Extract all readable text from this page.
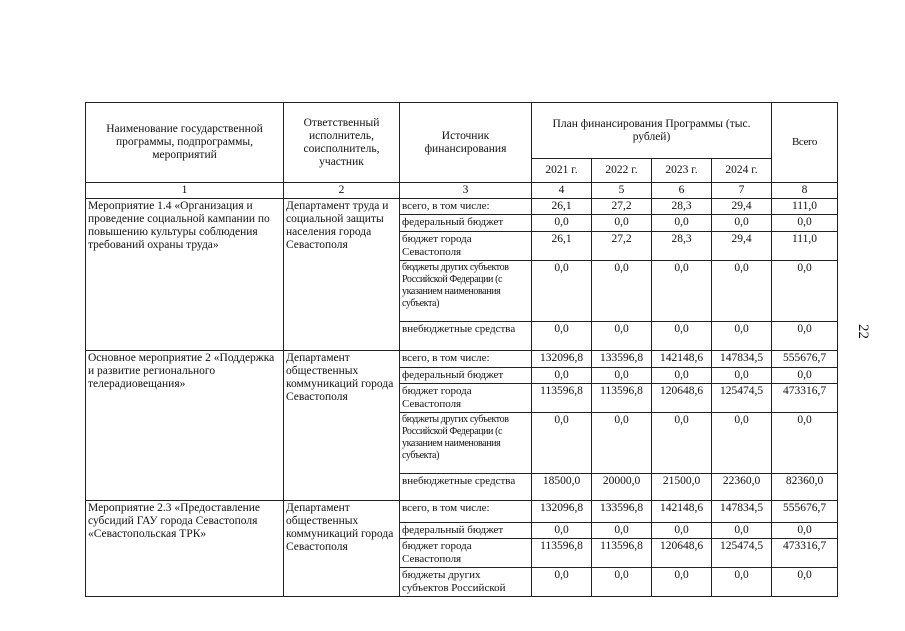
22
Наименование государственной программы, подпрограммы, мероприятий	Ответственный исполнитель, соисполнитель, участник	Источник финансирования	План финансирования Программы (тыс. рублей)				Всего
			2021 г.	2022 г.	2023 г.	2024 г.	
1	2	3	4	5	6	7	8
Мероприятие 1.4 «Организация и проведение социальной кампании по повышению культуры соблюдения требований охраны труда»	Департамент труда и социальной защиты населения города Севастополя	всего, в том числе:	26,1	27,2	28,3	29,4	111,0
		федеральный бюджет	0,0	0,0	0,0	0,0	0,0
		бюджет города Севастополя	26,1	27,2	28,3	29,4	111,0
		бюджеты других субъектов Российской Федерации (с указанием наименования субъекта)	0,0	0,0	0,0	0,0	0,0
		внебюджетные средства	0,0	0,0	0,0	0,0	0,0
Основное мероприятие 2 «Поддержка и развитие регионального телерадиовещания»	Департамент общественных коммуникаций города Севастополя	всего, в том числе:	132096,8	133596,8	142148,6	147834,5	555676,7
		федеральный бюджет	0,0	0,0	0,0	0,0	0,0
		бюджет города Севастополя	113596,8	113596,8	120648,6	125474,5	473316,7
		бюджеты других субъектов Российской Федерации (с указанием наименования субъекта)	0,0	0,0	0,0	0,0	0,0
		внебюджетные средства	18500,0	20000,0	21500,0	22360,0	82360,0
Мероприятие 2.3 «Предоставление субсидий ГАУ города Севастополя «Севастопольская ТРК»	Департамент общественных коммуникаций города Севастополя	всего, в том числе:	132096,8	133596,8	142148,6	147834,5	555676,7
		федеральный бюджет	0,0	0,0	0,0	0,0	0,0
		бюджет города Севастополя	113596,8	113596,8	120648,6	125474,5	473316,7
		бюджеты других субъектов Российской	0,0	0,0	0,0	0,0	0,0
